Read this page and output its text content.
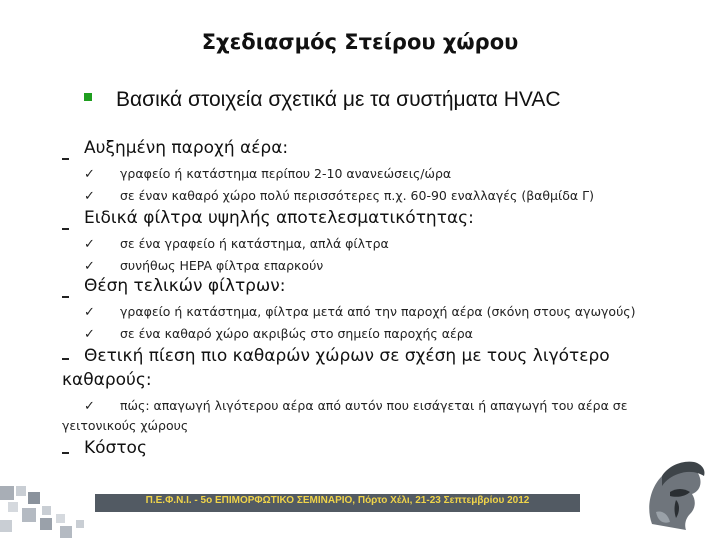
Σχεδιασμός Στείρου χώρου
Βασικά στοιχεία σχετικά με τα συστήματα HVAC
Αυξημένη παροχή αέρα:
✓ γραφείο ή κατάστημα περίπου 2-10 ανανεώσεις/ώρα
✓ σε έναν καθαρό χώρο πολύ περισσότερες π.χ. 60-90 εναλλαγές (βαθμίδα Γ)
Ειδικά φίλτρα υψηλής αποτελεσματικότητας:
✓ σε ένα γραφείο ή κατάστημα, απλά φίλτρα
✓ συνήθως HEPA φίλτρα επαρκούν
Θέση τελικών φίλτρων:
✓ γραφείο ή κατάστημα, φίλτρα μετά από την παροχή αέρα (σκόνη στους αγωγούς)
✓ σε ένα καθαρό χώρο ακριβώς στο σημείο παροχής αέρα
Θετική πίεση πιο καθαρών χώρων σε σχέση με τους λιγότερο
καθαρούς:
✓ πώς: απαγωγή λιγότερου αέρα από αυτόν που εισάγεται ή απαγωγή του αέρα σε
γειτονικούς χώρους
Κόστος
Π.Ε.Φ.Ν.Ι. - 5ο ΕΠΙΜΟΡΦΩΤΙΚΟ ΣΕΜΙΝΑΡΙΟ, Πόρτο Χέλι, 21-23 Σεπτεμβρίου 2012
